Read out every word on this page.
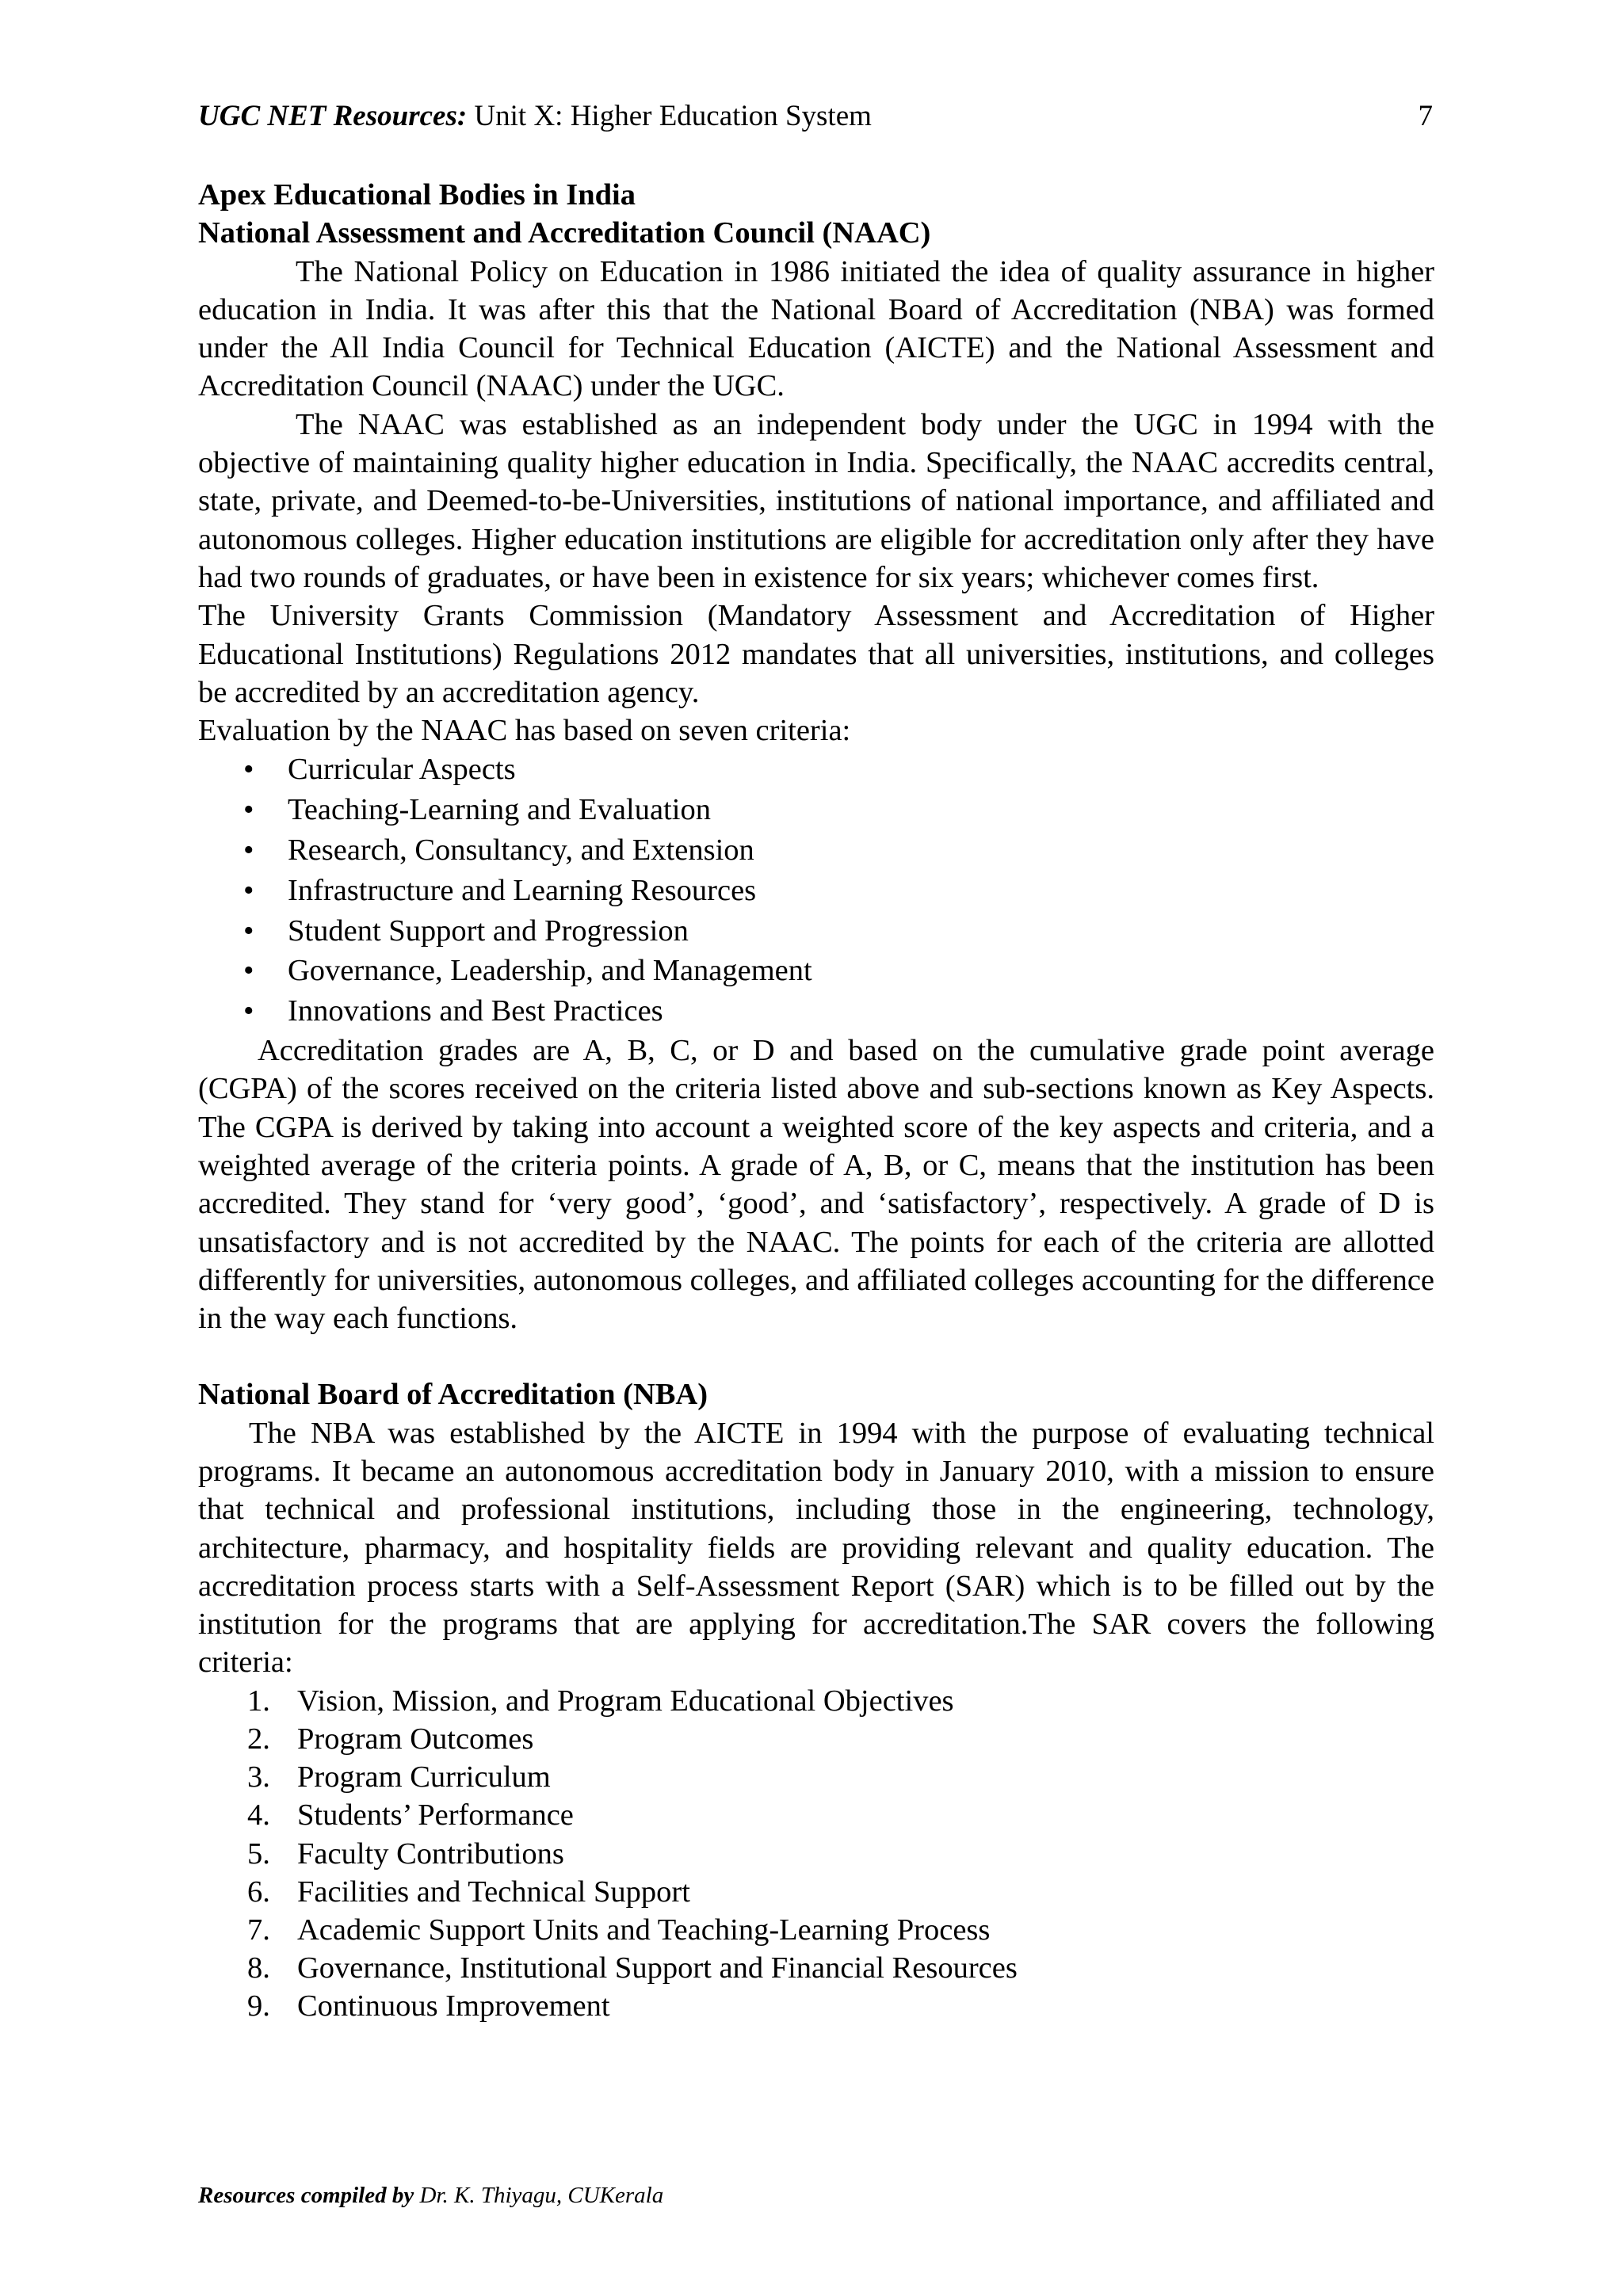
UGC NET Resources: Unit X: Higher Education System	7

Apex Educational Bodies in India

National Assessment and Accreditation Council (NAAC)

The National Policy on Education in 1986 initiated the idea of quality assurance in higher education in India. It was after this that the National Board of Accreditation (NBA) was formed under the All India Council for Technical Education (AICTE) and the National Assessment and Accreditation Council (NAAC) under the UGC.

The NAAC was established as an independent body under the UGC in 1994 with the objective of maintaining quality higher education in India. Specifically, the NAAC accredits central, state, private, and Deemed-to-be-Universities, institutions of national importance, and affiliated and autonomous colleges. Higher education institutions are eligible for accreditation only after they have had two rounds of graduates, or have been in existence for six years; whichever comes first.

The University Grants Commission (Mandatory Assessment and Accreditation of Higher Educational Institutions) Regulations 2012 mandates that all universities, institutions, and colleges be accredited by an accreditation agency.

Evaluation by the NAAC has based on seven criteria:

• Curricular Aspects
• Teaching-Learning and Evaluation
• Research, Consultancy, and Extension
• Infrastructure and Learning Resources
• Student Support and Progression
• Governance, Leadership, and Management
• Innovations and Best Practices

Accreditation grades are A, B, C, or D and based on the cumulative grade point average (CGPA) of the scores received on the criteria listed above and sub-sections known as Key Aspects. The CGPA is derived by taking into account a weighted score of the key aspects and criteria, and a weighted average of the criteria points. A grade of A, B, or C, means that the institution has been accredited. They stand for ‘very good’, ‘good’, and ‘satisfactory’, respectively. A grade of D is unsatisfactory and is not accredited by the NAAC. The points for each of the criteria are allotted differently for universities, autonomous colleges, and affiliated colleges accounting for the difference in the way each functions.

National Board of Accreditation (NBA)

The NBA was established by the AICTE in 1994 with the purpose of evaluating technical programs. It became an autonomous accreditation body in January 2010, with a mission to ensure that technical and professional institutions, including those in the engineering, technology, architecture, pharmacy, and hospitality fields are providing relevant and quality education. The accreditation process starts with a Self-Assessment Report (SAR) which is to be filled out by the institution for the programs that are applying for accreditation.The SAR covers the following criteria:

1. Vision, Mission, and Program Educational Objectives
2. Program Outcomes
3. Program Curriculum
4. Students’ Performance
5. Faculty Contributions
6. Facilities and Technical Support
7. Academic Support Units and Teaching-Learning Process
8. Governance, Institutional Support and Financial Resources
9. Continuous Improvement
Resources compiled by Dr. K. Thiyagu, CUKerala
